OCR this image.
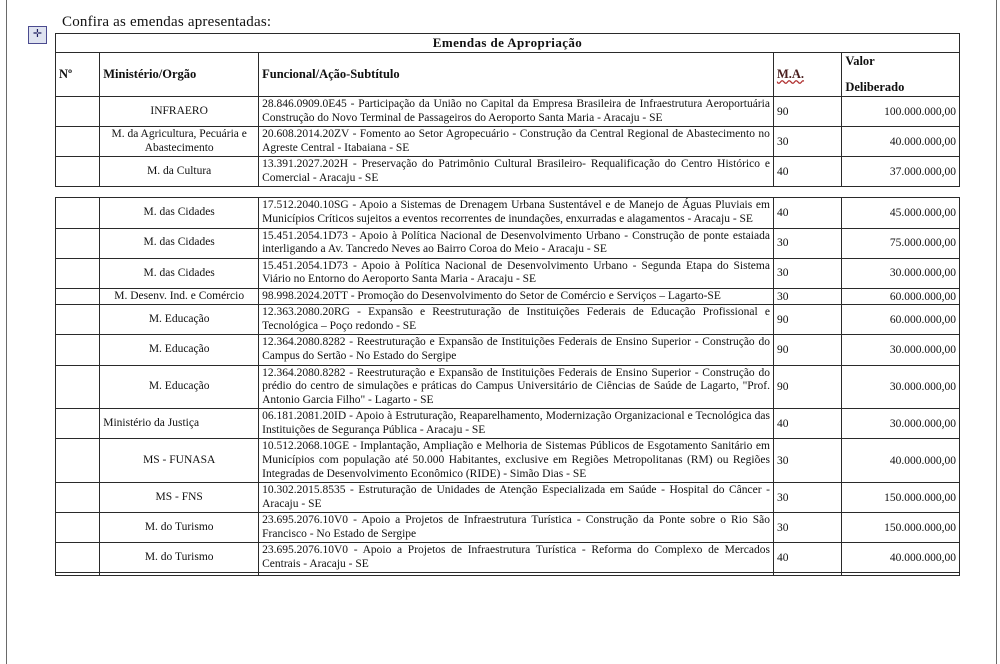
✛
Confira as emendas apresentadas:
Emendas de Apropriação				
Nº	Ministério/Orgão	Funcional/Ação-Subtítulo	M.A.	Valor
Deliberado

	INFRAERO	28.846.0909.0E45 - Participação da União no Capital da Empresa Brasileira de Infraestrutura Aeroportuária Construção do Novo Terminal de Passageiros do Aeroporto Santa Maria - Aracaju - SE	90	100.000.000,00
	M. da Agricultura, Pecuária e Abastecimento	20.608.2014.20ZV - Fomento ao Setor Agropecuário - Construção da Central Regional de Abastecimento no Agreste Central - Itabaiana - SE	30	40.000.000,00
	M. da Cultura	13.391.2027.202H - Preservação do Patrimônio Cultural Brasileiro- Requalificação do Centro Histórico e Comercial - Aracaju - SE	40	37.000.000,00
	M. das Cidades	17.512.2040.10SG - Apoio a Sistemas de Drenagem Urbana Sustentável e de Manejo de Águas Pluviais em Municípios Críticos sujeitos a eventos recorrentes de inundações, enxurradas e alagamentos - Aracaju - SE	40	45.000.000,00
	M. das Cidades	15.451.2054.1D73 - Apoio à Política Nacional de Desenvolvimento Urbano - Construção de ponte estaiada interligando a Av. Tancredo Neves ao Bairro Coroa do Meio - Aracaju - SE	30	75.000.000,00
	M. das Cidades	15.451.2054.1D73 - Apoio à Política Nacional de Desenvolvimento Urbano - Segunda Etapa do Sistema Viário no Entorno do Aeroporto Santa Maria - Aracaju - SE	30	30.000.000,00
	M. Desenv. Ind. e Comércio	98.998.2024.20TT - Promoção do Desenvolvimento do Setor de Comércio e Serviços – Lagarto-SE	30	60.000.000,00
	M. Educação	12.363.2080.20RG - Expansão e Reestruturação de Instituições Federais de Educação Profissional e Tecnológica – Poço redondo - SE	90	60.000.000,00
	M. Educação	12.364.2080.8282 - Reestruturação e Expansão de Instituições Federais de Ensino Superior - Construção do Campus do Sertão - No Estado do Sergipe	90	30.000.000,00
	M. Educação	12.364.2080.8282 - Reestruturação e Expansão de Instituições Federais de Ensino Superior - Construção do prédio do centro de simulações e práticas do Campus Universitário de Ciências de Saúde de Lagarto, "Prof. Antonio Garcia Filho" - Lagarto - SE	90	30.000.000,00
	Ministério da Justiça	06.181.2081.20ID - Apoio à Estruturação, Reaparelhamento, Modernização Organizacional e Tecnológica das Instituições de Segurança Pública - Aracaju - SE	40	30.000.000,00
	MS - FUNASA	10.512.2068.10GE - Implantação, Ampliação e Melhoria de Sistemas Públicos de Esgotamento Sanitário em Municípios com população até 50.000 Habitantes, exclusive em Regiões Metropolitanas (RM) ou Regiões Integradas de Desenvolvimento Econômico (RIDE) - Simão Dias - SE	30	40.000.000,00
	MS - FNS	10.302.2015.8535 - Estruturação de Unidades de Atenção Especializada em Saúde - Hospital do Câncer - Aracaju - SE	30	150.000.000,00
	M. do Turismo	23.695.2076.10V0 - Apoio a Projetos de Infraestrutura Turística - Construção da Ponte sobre o Rio São Francisco - No Estado de Sergipe	30	150.000.000,00
	M. do Turismo	23.695.2076.10V0 - Apoio a Projetos de Infraestrutura Turística - Reforma do Complexo de Mercados Centrais - Aracaju - SE	40	40.000.000,00
